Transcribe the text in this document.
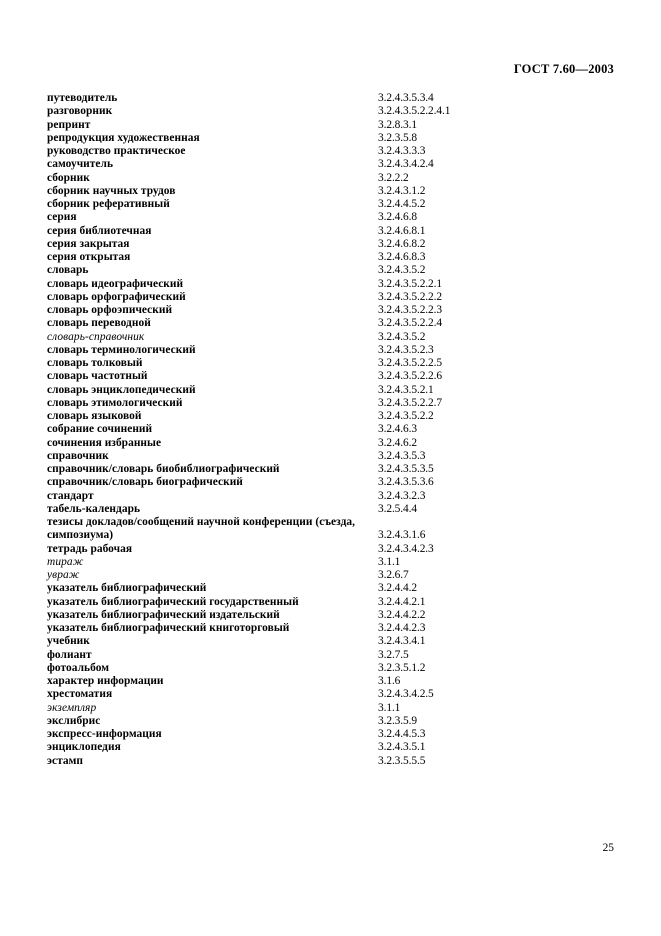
ГОСТ 7.60—2003
путеводитель	3.2.4.3.5.3.4
разговорник	3.2.4.3.5.2.2.4.1
репринт	3.2.8.3.1
репродукция художественная	3.2.3.5.8
руководство практическое	3.2.4.3.3.3
самоучитель	3.2.4.3.4.2.4
сборник	3.2.2.2
сборник научных трудов	3.2.4.3.1.2
сборник реферативный	3.2.4.4.5.2
серия	3.2.4.6.8
серия библиотечная	3.2.4.6.8.1
серия закрытая	3.2.4.6.8.2
серия открытая	3.2.4.6.8.3
словарь	3.2.4.3.5.2
словарь идеографический	3.2.4.3.5.2.2.1
словарь орфографический	3.2.4.3.5.2.2.2
словарь орфоэпический	3.2.4.3.5.2.2.3
словарь переводной	3.2.4.3.5.2.2.4
словарь-справочник	3.2.4.3.5.2
словарь терминологический	3.2.4.3.5.2.3
словарь толковый	3.2.4.3.5.2.2.5
словарь частотный	3.2.4.3.5.2.2.6
словарь энциклопедический	3.2.4.3.5.2.1
словарь этимологический	3.2.4.3.5.2.2.7
словарь языковой	3.2.4.3.5.2.2
собрание сочинений	3.2.4.6.3
сочинения избранные	3.2.4.6.2
справочник	3.2.4.3.5.3
справочник/словарь биобиблиографический	3.2.4.3.5.3.5
справочник/словарь биографический	3.2.4.3.5.3.6
стандарт	3.2.4.3.2.3
табель-календарь	3.2.5.4.4
тезисы докладов/сообщений научной конференции (съезда, симпозиума)	3.2.4.3.1.6
тетрадь рабочая	3.2.4.3.4.2.3
тираж	3.1.1
увраж	3.2.6.7
указатель библиографический	3.2.4.4.2
указатель библиографический государственный	3.2.4.4.2.1
указатель библиографический издательский	3.2.4.4.2.2
указатель библиографический книготорговый	3.2.4.4.2.3
учебник	3.2.4.3.4.1
фолиант	3.2.7.5
фотоальбом	3.2.3.5.1.2
характер информации	3.1.6
хрестоматия	3.2.4.3.4.2.5
экземпляр	3.1.1
экслибрис	3.2.3.5.9
экспресс-информация	3.2.4.4.5.3
энциклопедия	3.2.4.3.5.1
эстамп	3.2.3.5.5.5
25
